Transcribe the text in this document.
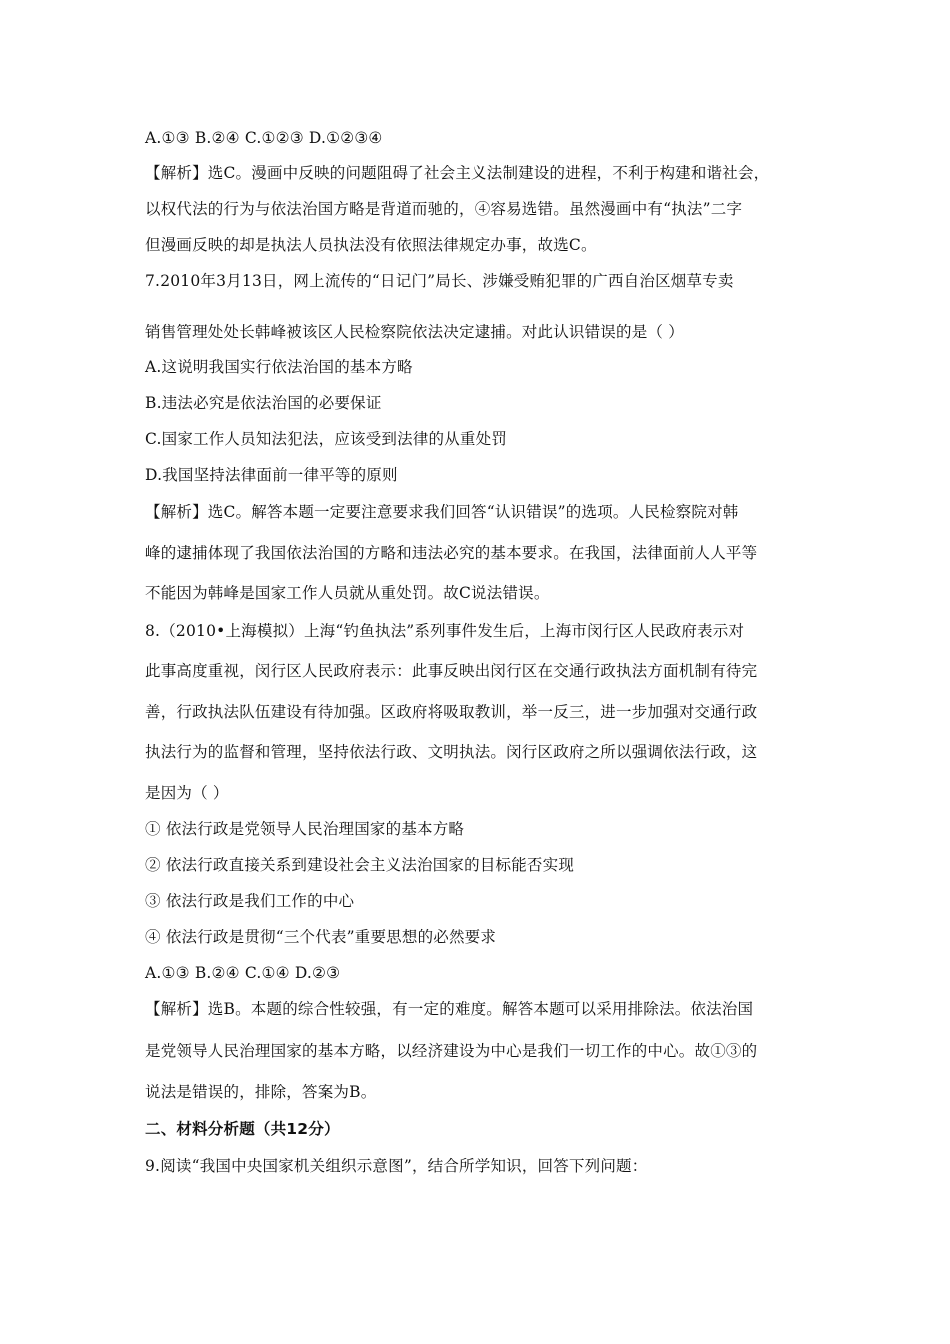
A.①③ B.②④ C.①②③ D.①②③④
【解析】选C。漫画中反映的问题阻碍了社会主义法制建设的进程，不利于构建和谐社会，
以权代法的行为与依法治国方略是背道而驰的，④容易选错。虽然漫画中有“执法”二字
但漫画反映的却是执法人员执法没有依照法律规定办事，故选C。
7.2010年3月13日，网上流传的“日记门”局长、涉嫌受贿犯罪的广西自治区烟草专卖
销售管理处处长韩峰被该区人民检察院依法决定逮捕。对此认识错误的是（ ）
A.这说明我国实行依法治国的基本方略
B.违法必究是依法治国的必要保证
C.国家工作人员知法犯法，应该受到法律的从重处罚
D.我国坚持法律面前一律平等的原则
【解析】选C。解答本题一定要注意要求我们回答“认识错误”的选项。人民检察院对韩
峰的逮捕体现了我国依法治国的方略和违法必究的基本要求。在我国，法律面前人人平等
不能因为韩峰是国家工作人员就从重处罚。故C说法错误。
8.（2010•上海模拟）上海“钓鱼执法”系列事件发生后，上海市闵行区人民政府表示对
此事高度重视，闵行区人民政府表示：此事反映出闵行区在交通行政执法方面机制有待完
善，行政执法队伍建设有待加强。区政府将吸取教训，举一反三，进一步加强对交通行政
执法行为的监督和管理，坚持依法行政、文明执法。闵行区政府之所以强调依法行政，这
是因为（ ）
① 依法行政是党领导人民治理国家的基本方略
② 依法行政直接关系到建设社会主义法治国家的目标能否实现
③ 依法行政是我们工作的中心
④ 依法行政是贯彻“三个代表”重要思想的必然要求
A.①③ B.②④ C.①④ D.②③
【解析】选B。本题的综合性较强，有一定的难度。解答本题可以采用排除法。依法治国
是党领导人民治理国家的基本方略，以经济建设为中心是我们一切工作的中心。故①③的
说法是错误的，排除，答案为B。
二、材料分析题（共12分）
9.阅读“我国中央国家机关组织示意图”，结合所学知识，回答下列问题：
